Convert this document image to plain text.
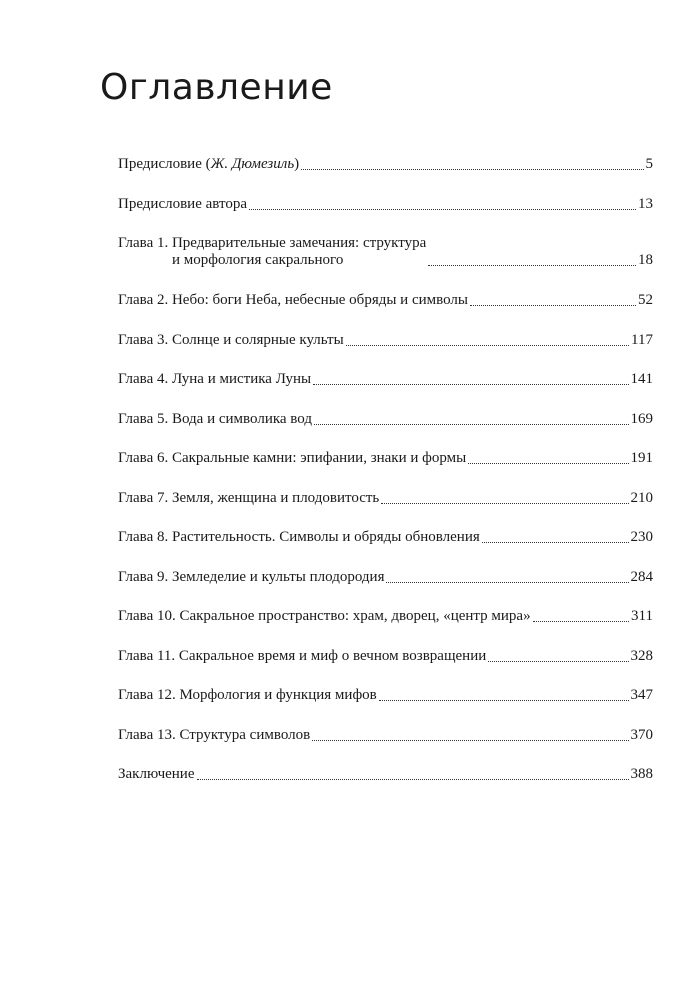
Оглавление
Предисловие (Ж. Дюмезиль)	5
Предисловие автора	13
Глава 1. Предварительные замечания: структура
и морфология сакрального	18
Глава 2. Небо: боги Неба, небесные обряды и символы	52
Глава 3. Солнце и солярные культы	117
Глава 4. Луна и мистика Луны	141
Глава 5. Вода и символика вод	169
Глава 6. Сакральные камни: эпифании, знаки и формы	191
Глава 7. Земля, женщина и плодовитость	210
Глава 8. Растительность. Символы и обряды обновления	230
Глава 9. Земледелие и культы плодородия	284
Глава 10. Сакральное пространство: храм, дворец, «центр мира»	311
Глава 11. Сакральное время и миф о вечном возвращении	328
Глава 12. Морфология и функция мифов	347
Глава 13. Структура символов	370
Заключение	388
